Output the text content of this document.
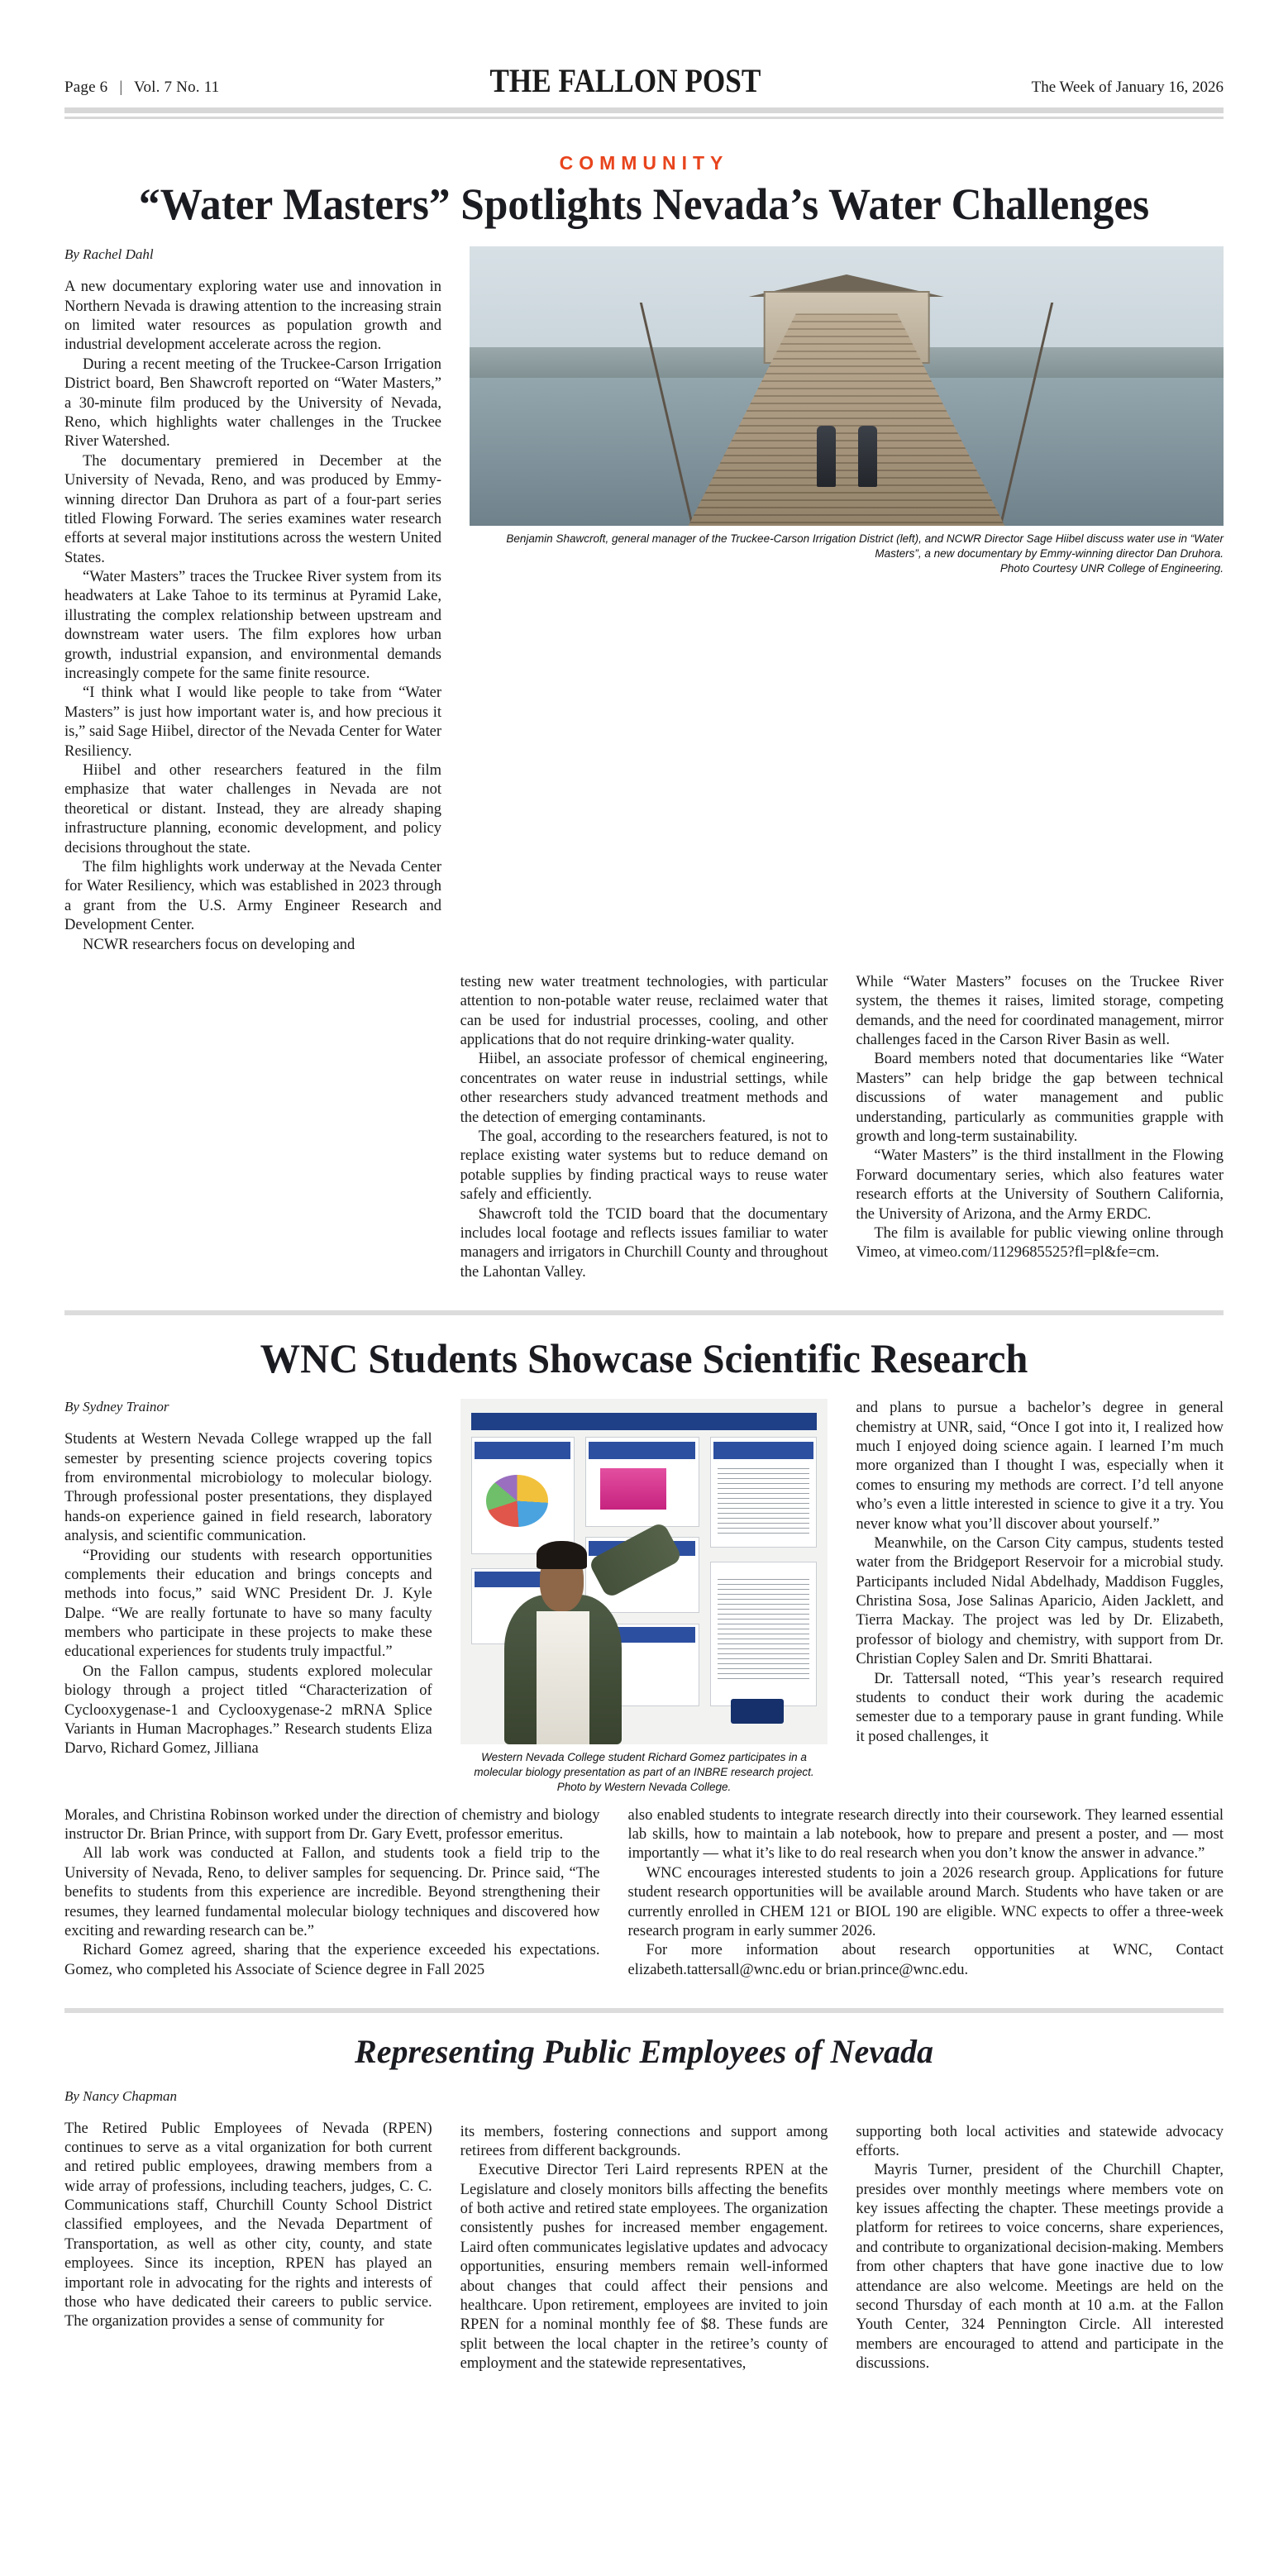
Page 6 | Vol. 7 No. 11	THE FALLON POST	The Week of January 16, 2026
COMMUNITY
“Water Masters” Spotlights Nevada’s Water Challenges
By Rachel Dahl

A new documentary exploring water use and innovation in Northern Nevada is drawing attention to the increasing strain on limited water resources as population growth and industrial development accelerate across the region.

During a recent meeting of the Truckee-Carson Irrigation District board, Ben Shawcroft reported on “Water Masters,” a 30-minute film produced by the University of Nevada, Reno, which highlights water challenges in the Truckee River Watershed.

The documentary premiered in December at the University of Nevada, Reno, and was produced by Emmy-winning director Dan Druhora as part of a four-part series titled Flowing Forward. The series examines water research efforts at several major institutions across the western United States.

“Water Masters” traces the Truckee River system from its headwaters at Lake Tahoe to its terminus at Pyramid Lake, illustrating the complex relationship between upstream and downstream water users. The film explores how urban growth, industrial expansion, and environmental demands increasingly compete for the same finite resource.

“I think what I would like people to take from “Water Masters” is just how important water is, and how precious it is,” said Sage Hiibel, director of the Nevada Center for Water Resiliency.

Hiibel and other researchers featured in the film emphasize that water challenges in Nevada are not theoretical or distant. Instead, they are already shaping infrastructure planning, economic development, and policy decisions throughout the state.

The film highlights work underway at the Nevada Center for Water Resiliency, which was established in 2023 through a grant from the U.S. Army Engineer Research and Development Center.

NCWR researchers focus on developing and

Benjamin Shawcroft, general manager of the Truckee-Carson Irrigation District (left), and NCWR Director Sage Hiibel discuss water use in “Water Masters”, a new documentary by Emmy-winning director Dan Druhora.
Photo Courtesy UNR College of Engineering.

testing new water treatment technologies, with particular attention to non-potable water reuse, reclaimed water that can be used for industrial processes, cooling, and other applications that do not require drinking-water quality.

Hiibel, an associate professor of chemical engineering, concentrates on water reuse in industrial settings, while other researchers study advanced treatment methods and the detection of emerging contaminants.

The goal, according to the researchers featured, is not to replace existing water systems but to reduce demand on potable supplies by finding practical ways to reuse water safely and efficiently.

Shawcroft told the TCID board that the documentary includes local footage and reflects issues familiar to water managers and irrigators in Churchill County and throughout the Lahontan Valley.

While “Water Masters” focuses on the Truckee River system, the themes it raises, limited storage, competing demands, and the need for coordinated management, mirror challenges faced in the Carson River Basin as well.

Board members noted that documentaries like “Water Masters” can help bridge the gap between technical discussions of water management and public understanding, particularly as communities grapple with growth and long-term sustainability.

“Water Masters” is the third installment in the Flowing Forward documentary series, which also features water research efforts at the University of Southern California, the University of Arizona, and the Army ERDC.

The film is available for public viewing online through Vimeo, at vimeo.com/1129685525?fl=pl&fe=cm.

WNC Students Showcase Scientific Research
By Sydney Trainor

Students at Western Nevada College wrapped up the fall semester by presenting science projects covering topics from environmental microbiology to molecular biology. Through professional poster presentations, they displayed hands-on experience gained in field research, laboratory analysis, and scientific communication.

“Providing our students with research opportunities complements their education and brings concepts and methods into focus,” said WNC President Dr. J. Kyle Dalpe. “We are really fortunate to have so many faculty members who participate in these projects to make these educational experiences for students truly impactful.”

On the Fallon campus, students explored molecular biology through a project titled “Characterization of Cyclooxygenase-1 and Cyclooxygenase-2 mRNA Splice Variants in Human Macrophages.” Research students Eliza Darvo, Richard Gomez, Jilliana

Western Nevada College student Richard Gomez participates in a molecular biology presentation as part of an INBRE research project. Photo by Western Nevada College.

and plans to pursue a bachelor’s degree in general chemistry at UNR, said, “Once I got into it, I realized how much I enjoyed doing science again. I learned I’m much more organized than I thought I was, especially when it comes to ensuring my methods are correct. I’d tell anyone who’s even a little interested in science to give it a try. You never know what you’ll discover about yourself.”

Meanwhile, on the Carson City campus, students tested water from the Bridgeport Reservoir for a microbial study. Participants included Nidal Abdelhady, Maddison Fuggles, Christina Sosa, Jose Salinas Aparicio, Aiden Jacklett, and Tierra Mackay. The project was led by Dr. Elizabeth, professor of biology and chemistry, with support from Dr. Christian Copley Salen and Dr. Smriti Bhattarai.

Dr. Tattersall noted, “This year’s research required students to conduct their work during the academic semester due to a temporary pause in grant funding. While it posed challenges, it

Morales, and Christina Robinson worked under the direction of chemistry and biology instructor Dr. Brian Prince, with support from Dr. Gary Evett, professor emeritus.

All lab work was conducted at Fallon, and students took a field trip to the University of Nevada, Reno, to deliver samples for sequencing. Dr. Prince said, “The benefits to students from this experience are incredible. Beyond strengthening their resumes, they learned fundamental molecular biology techniques and discovered how exciting and rewarding research can be.”

Richard Gomez agreed, sharing that the experience exceeded his expectations. Gomez, who completed his Associate of Science degree in Fall 2025

also enabled students to integrate research directly into their coursework. They learned essential lab skills, how to maintain a lab notebook, how to prepare and present a poster, and — most importantly — what it’s like to do real research when you don’t know the answer in advance.”

WNC encourages interested students to join a 2026 research group. Applications for future student research opportunities will be available around March. Students who have taken or are currently enrolled in CHEM 121 or BIOL 190 are eligible. WNC expects to offer a three-week research program in early summer 2026.

For more information about research opportunities at WNC, Contact elizabeth.tattersall@wnc.edu or brian.prince@wnc.edu.

Representing Public Employees of Nevada
By Nancy Chapman

The Retired Public Employees of Nevada (RPEN) continues to serve as a vital organization for both current and retired public employees, drawing members from a wide array of professions, including teachers, judges, C. C. Communications staff, Churchill County School District classified employees, and the Nevada Department of Transportation, as well as other city, county, and state employees. Since its inception, RPEN has played an important role in advocating for the rights and interests of those who have dedicated their careers to public service. The organization provides a sense of community for

its members, fostering connections and support among retirees from different backgrounds.

Executive Director Teri Laird represents RPEN at the Legislature and closely monitors bills affecting the benefits of both active and retired state employees. The organization consistently pushes for increased member engagement. Laird often communicates legislative updates and advocacy opportunities, ensuring members remain well-informed about changes that could affect their pensions and healthcare. Upon retirement, employees are invited to join RPEN for a nominal monthly fee of $8. These funds are split between the local chapter in the retiree’s county of employment and the statewide representatives,

supporting both local activities and statewide advocacy efforts.

Mayris Turner, president of the Churchill Chapter, presides over monthly meetings where members vote on key issues affecting the chapter. These meetings provide a platform for retirees to voice concerns, share experiences, and contribute to organizational decision-making. Members from other chapters that have gone inactive due to low attendance are also welcome. Meetings are held on the second Thursday of each month at 10 a.m. at the Fallon Youth Center, 324 Pennington Circle. All interested members are encouraged to attend and participate in the discussions.
